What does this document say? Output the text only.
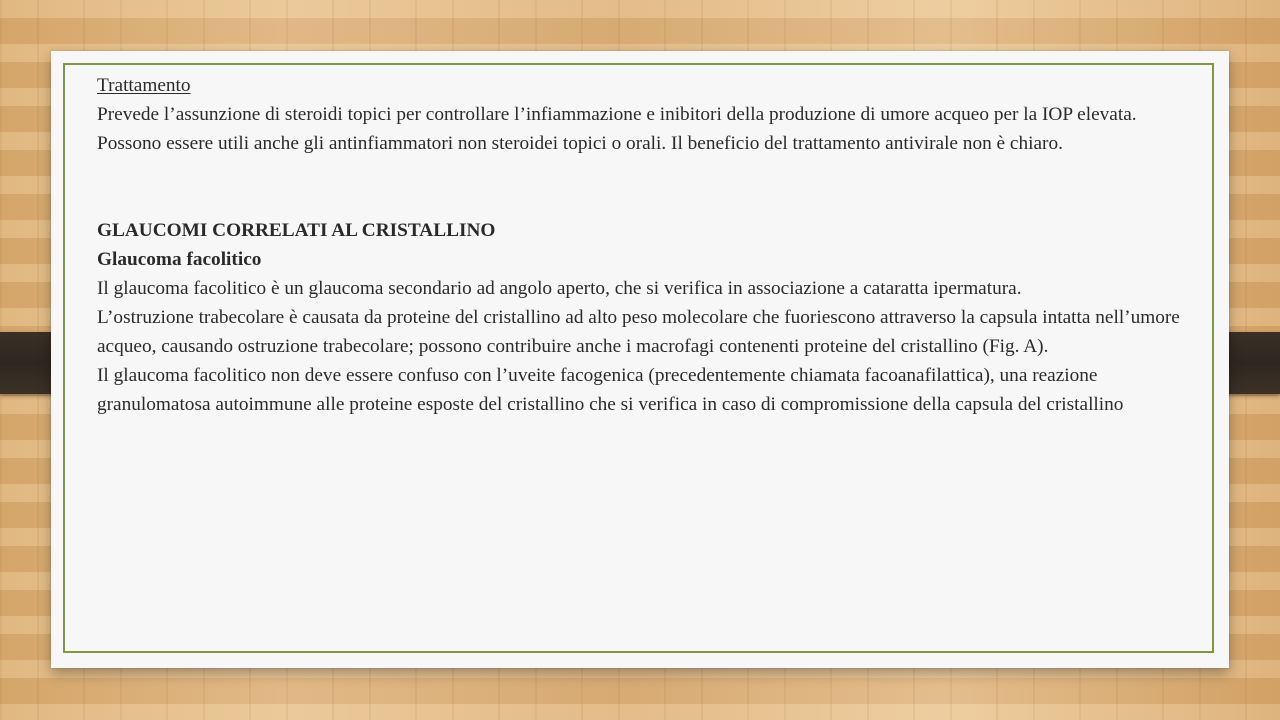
Trattamento

Prevede l’assunzione di steroidi topici per controllare l’infiammazione e inibitori della produzione di umore acqueo per la IOP elevata.

Possono essere utili anche gli antinfiammatori non steroidei topici o orali. Il beneficio del trattamento antivirale non è chiaro.

GLAUCOMI CORRELATI AL CRISTALLINO

Glaucoma facolitico

Il glaucoma facolitico è un glaucoma secondario ad angolo aperto, che si verifica in associazione a cataratta ipermatura.

L’ostruzione trabecolare è causata da proteine del cristallino ad alto peso molecolare che fuoriescono attraverso la capsula intatta nell’umore acqueo, causando ostruzione trabecolare; possono contribuire anche i macrofagi contenenti proteine del cristallino (Fig. A).

Il glaucoma facolitico non deve essere confuso con l’uveite facogenica (precedentemente chiamata facoanafilattica), una reazione granulomatosa autoimmune alle proteine esposte del cristallino che si verifica in caso di compromissione della capsula del cristallino
